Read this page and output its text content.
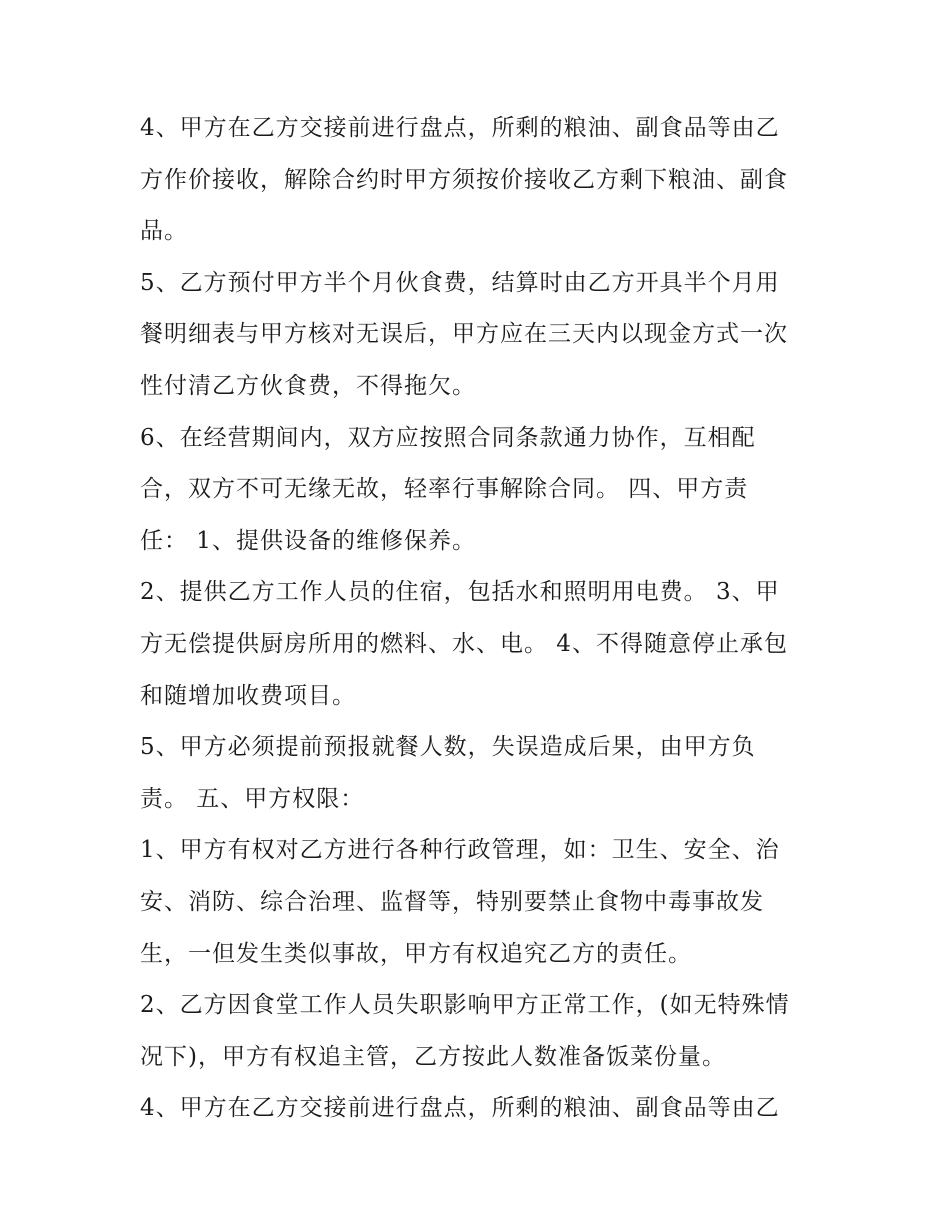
4、甲方在乙方交接前进行盘点，所剩的粮油、副食品等由乙
方作价接收，解除合约时甲方须按价接收乙方剩下粮油、副食
品。
5、乙方预付甲方半个月伙食费，结算时由乙方开具半个月用
餐明细表与甲方核对无误后，甲方应在三天内以现金方式一次
性付清乙方伙食费，不得拖欠。
6、在经营期间内，双方应按照合同条款通力协作，互相配
合，双方不可无缘无故，轻率行事解除合同。 四、甲方责
任： 1、提供设备的维修保养。
2、提供乙方工作人员的住宿，包括水和照明用电费。 3、甲
方无偿提供厨房所用的燃料、水、电。 4、不得随意停止承包
和随增加收费项目。
5、甲方必须提前预报就餐人数，失误造成后果，由甲方负
责。 五、甲方权限：
1、甲方有权对乙方进行各种行政管理，如：卫生、安全、治
安、消防、综合治理、监督等，特别要禁止食物中毒事故发
生，一但发生类似事故，甲方有权追究乙方的责任。
2、乙方因食堂工作人员失职影响甲方正常工作，(如无特殊情
况下)，甲方有权追主管，乙方按此人数准备饭菜份量。
4、甲方在乙方交接前进行盘点，所剩的粮油、副食品等由乙
